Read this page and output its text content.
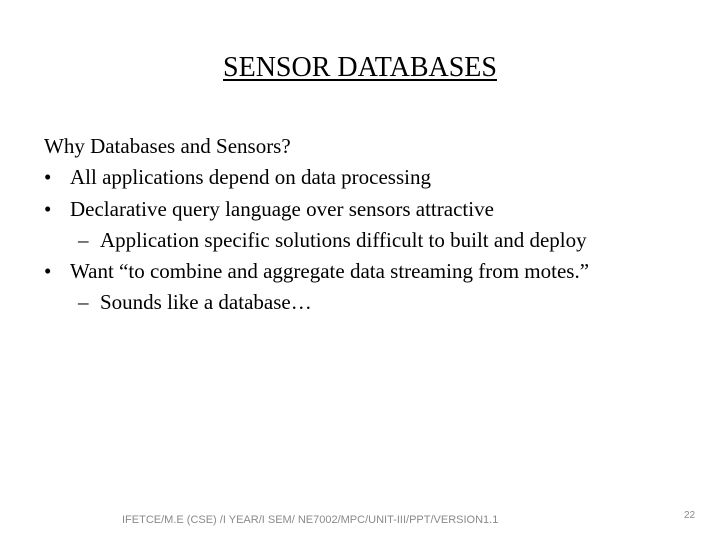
SENSOR DATABASES
Why Databases and Sensors?
• All applications depend on data processing
• Declarative query language over sensors attractive
– Application specific solutions difficult to built and deploy
• Want “to combine and aggregate data streaming from motes.”
– Sounds like a database…
IFETCE/M.E (CSE) /I YEAR/I SEM/ NE7002/MPC/UNIT-III/PPT/VERSION1.1	22
